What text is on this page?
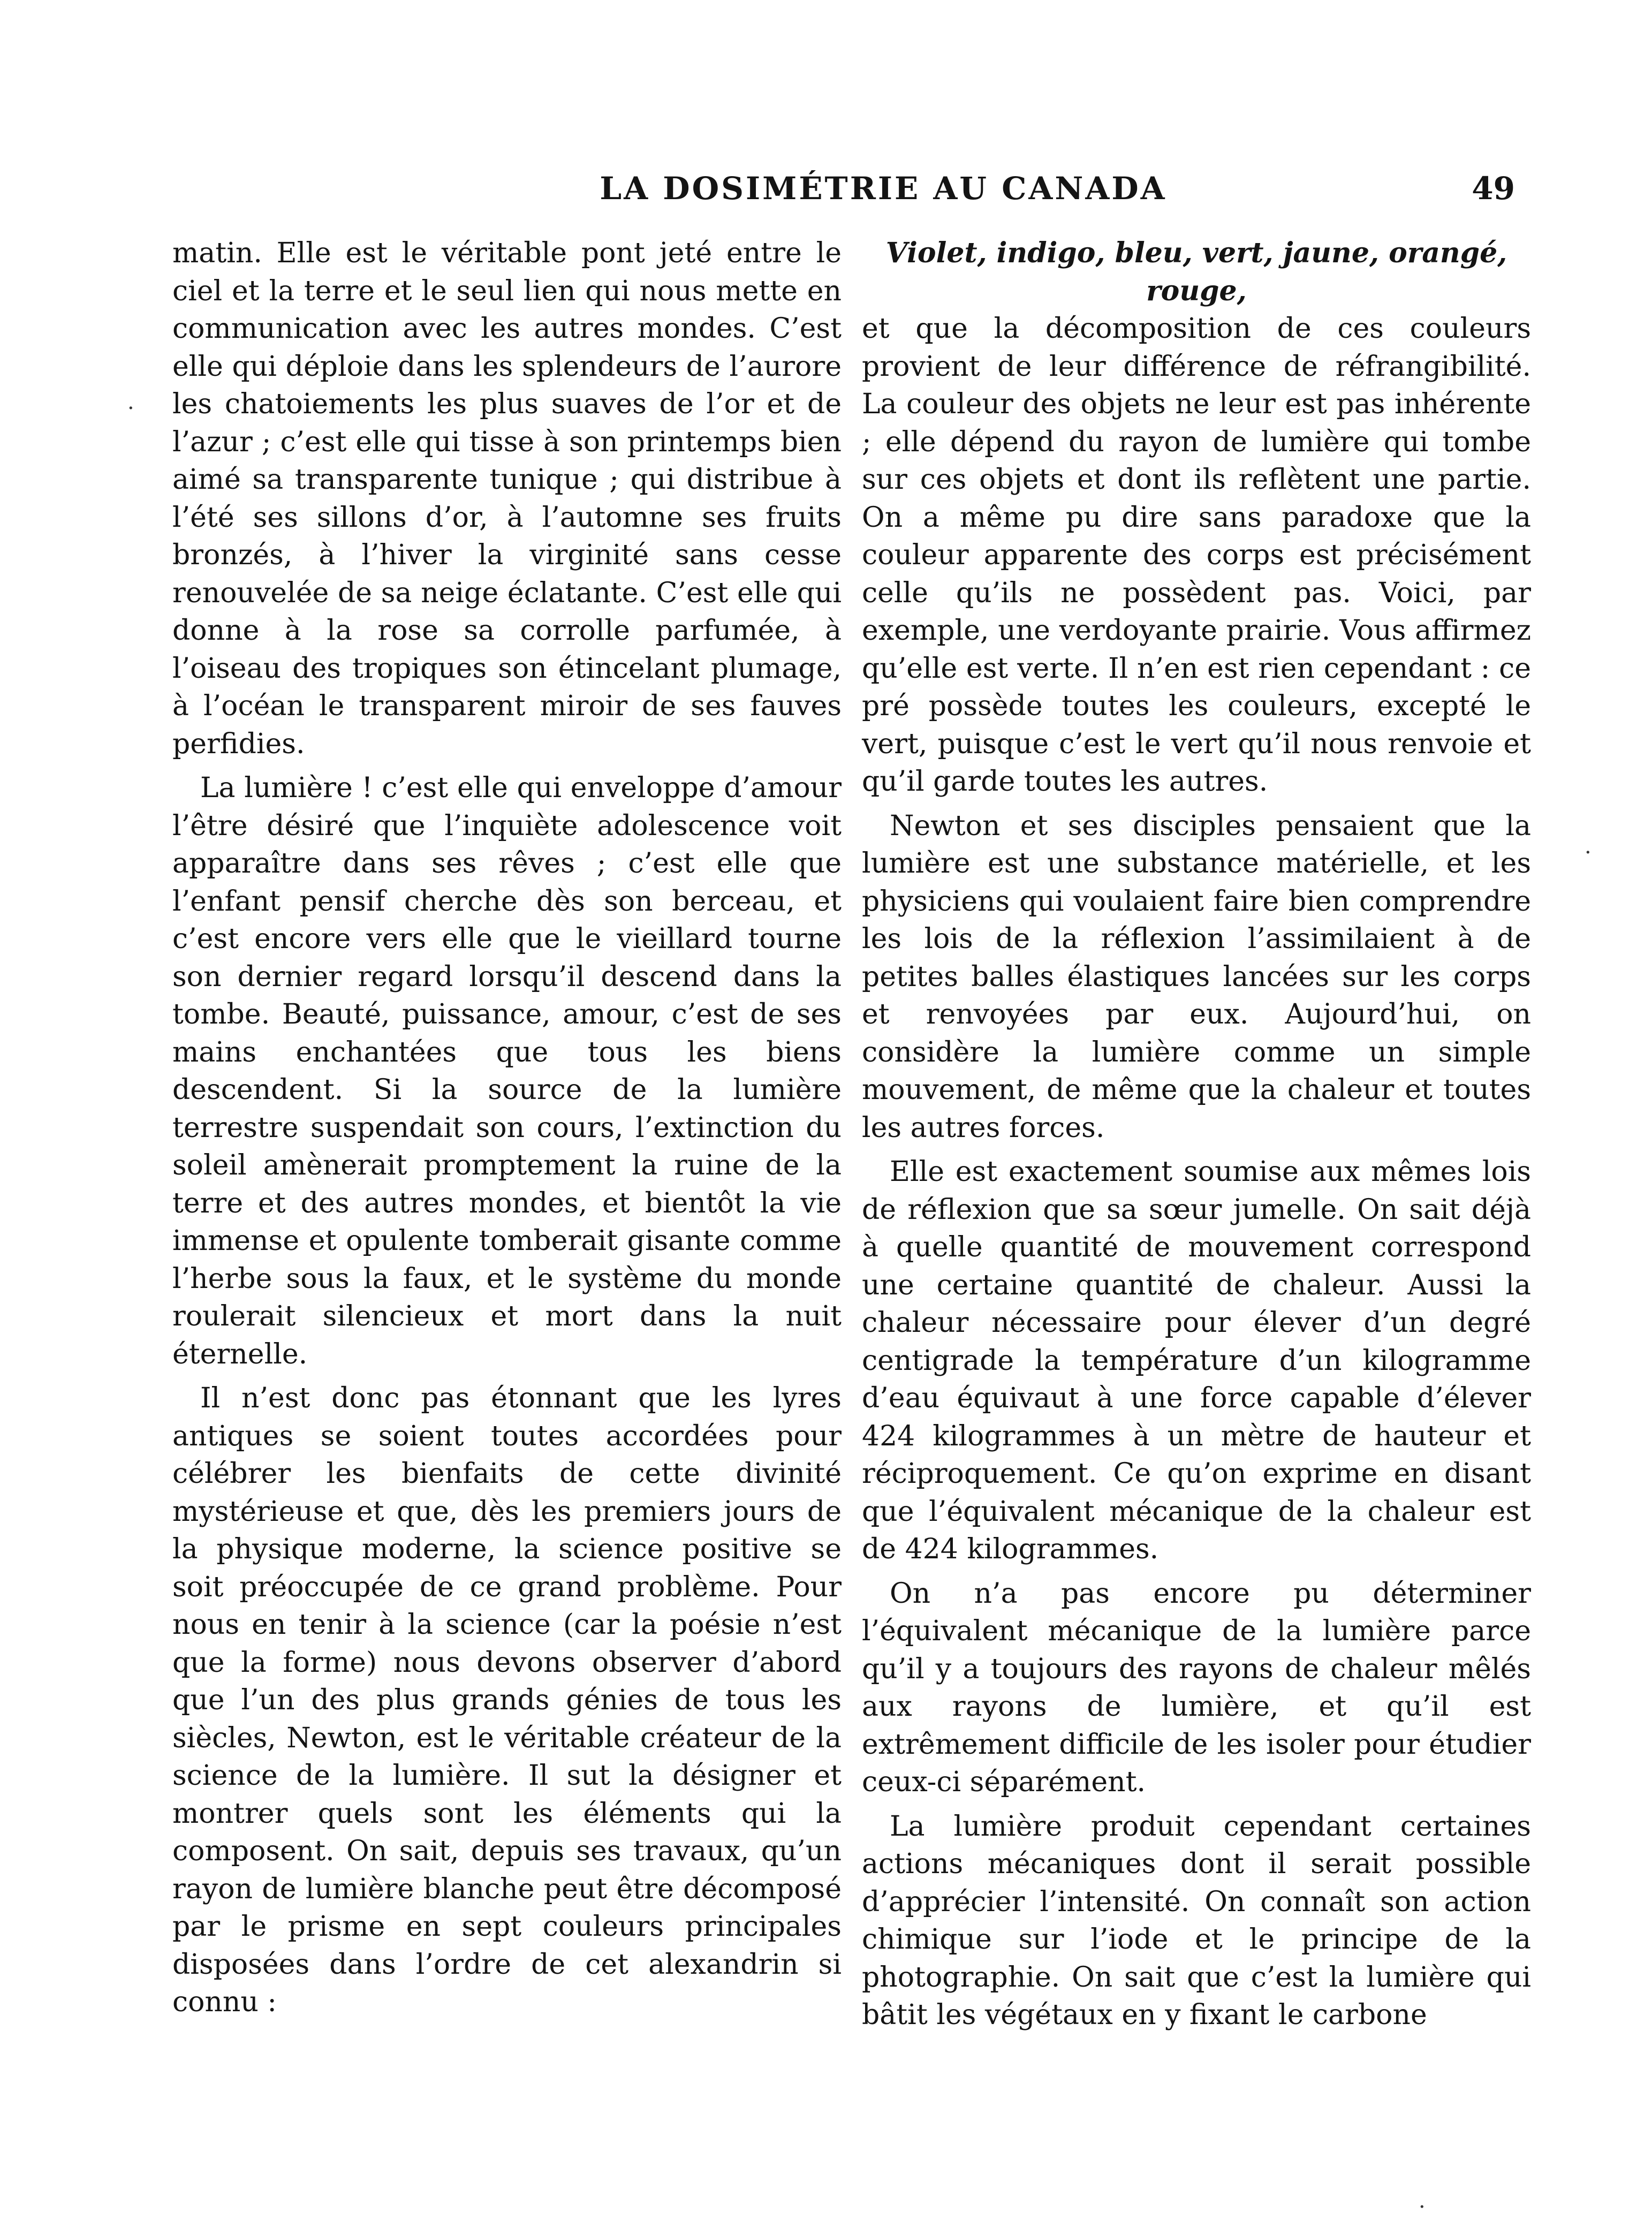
LA DOSIMÉTRIE AU CANADA	49

matin. Elle est le véritable pont jeté entre le ciel et la terre et le seul lien qui nous mette en communication avec les autres mondes. C’est elle qui déploie dans les splendeurs de l’aurore les chatoiements les plus suaves de l’or et de l’azur ; c’est elle qui tisse à son printemps bien aimé sa transparente tunique ; qui distribue à l’été ses sillons d’or, à l’automne ses fruits bronzés, à l’hiver la virginité sans cesse renouvelée de sa neige éclatante. C’est elle qui donne à la rose sa corrolle parfumée, à l’oiseau des tropiques son étincelant plumage, à l’océan le transparent miroir de ses fauves perfidies.

La lumière ! c’est elle qui enveloppe d’amour l’être désiré que l’inquiète adolescence voit apparaître dans ses rêves ; c’est elle que l’enfant pensif cherche dès son berceau, et c’est encore vers elle que le vieillard tourne son dernier regard lorsqu’il descend dans la tombe. Beauté, puissance, amour, c’est de ses mains enchantées que tous les biens descendent. Si la source de la lumière terrestre suspendait son cours, l’extinction du soleil amènerait promptement la ruine de la terre et des autres mondes, et bientôt la vie immense et opulente tomberait gisante comme l’herbe sous la faux, et le système du monde roulerait silencieux et mort dans la nuit éternelle.

Il n’est donc pas étonnant que les lyres antiques se soient toutes accordées pour célébrer les bienfaits de cette divinité mystérieuse et que, dès les premiers jours de la physique moderne, la science positive se soit préoccupée de ce grand problème. Pour nous en tenir à la science (car la poésie n’est que la forme) nous devons observer d’abord que l’un des plus grands génies de tous les siècles, Newton, est le véritable créateur de la science de la lumière. Il sut la désigner et montrer quels sont les éléments qui la composent. On sait, depuis ses travaux, qu’un rayon de lumière blanche peut être décomposé par le prisme en sept couleurs principales disposées dans l’ordre de cet alexandrin si connu :

Violet, indigo, bleu, vert, jaune, orangé, rouge,

et que la décomposition de ces couleurs provient de leur différence de réfrangibilité. La couleur des objets ne leur est pas inhérente ; elle dépend du rayon de lumière qui tombe sur ces objets et dont ils reflètent une partie. On a même pu dire sans paradoxe que la couleur apparente des corps est précisément celle qu’ils ne possèdent pas. Voici, par exemple, une verdoyante prairie. Vous affirmez qu’elle est verte. Il n’en est rien cependant : ce pré possède toutes les couleurs, excepté le vert, puisque c’est le vert qu’il nous renvoie et qu’il garde toutes les autres.

Newton et ses disciples pensaient que la lumière est une substance matérielle, et les physiciens qui voulaient faire bien comprendre les lois de la réflexion l’assimilaient à de petites balles élastiques lancées sur les corps et renvoyées par eux. Aujourd’hui, on considère la lumière comme un simple mouvement, de même que la chaleur et toutes les autres forces.

Elle est exactement soumise aux mêmes lois de réflexion que sa sœur jumelle. On sait déjà à quelle quantité de mouvement correspond une certaine quantité de chaleur. Aussi la chaleur nécessaire pour élever d’un degré centigrade la température d’un kilogramme d’eau équivaut à une force capable d’élever 424 kilogrammes à un mètre de hauteur et réciproquement. Ce qu’on exprime en disant que l’équivalent mécanique de la chaleur est de 424 kilogrammes.

On n’a pas encore pu déterminer l’équivalent mécanique de la lumière parce qu’il y a toujours des rayons de chaleur mêlés aux rayons de lumière, et qu’il est extrêmement difficile de les isoler pour étudier ceux-ci séparément.

La lumière produit cependant certaines actions mécaniques dont il serait possible d’apprécier l’intensité. On connaît son action chimique sur l’iode et le principe de la photographie. On sait que c’est la lumière qui bâtit les végétaux en y fixant le carbone

·
·
·
